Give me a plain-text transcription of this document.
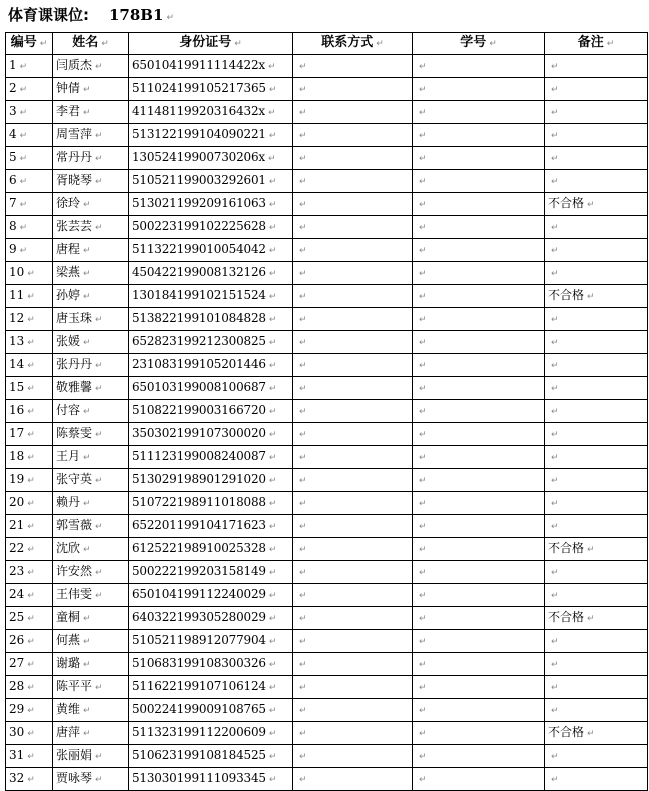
体育课课位: 178B1 ↵
编号 ↵	姓名 ↵	身份证号 ↵	联系方式 ↵	学号 ↵	备注 ↵
1 ↵	闫质杰 ↵	65010419911114422x ↵	↵	↵	↵
2 ↵	钟倩 ↵	511024199105217365 ↵	↵	↵	↵
3 ↵	李君 ↵	41148119920316432x ↵	↵	↵	↵
4 ↵	周雪萍 ↵	513122199104090221 ↵	↵	↵	↵
5 ↵	常丹丹 ↵	13052419900730206x ↵	↵	↵	↵
6 ↵	胥晓琴 ↵	510521199003292601 ↵	↵	↵	↵
7 ↵	徐玲 ↵	513021199209161063 ↵	↵	↵	不合格 ↵
8 ↵	张芸芸 ↵	500223199102225628 ↵	↵	↵	↵
9 ↵	唐程 ↵	511322199010054042 ↵	↵	↵	↵
10 ↵	梁燕 ↵	450422199008132126 ↵	↵	↵	↵
11 ↵	孙婷 ↵	130184199102151524 ↵	↵	↵	不合格 ↵
12 ↵	唐玉珠 ↵	513822199101084828 ↵	↵	↵	↵
13 ↵	张媛 ↵	652823199212300825 ↵	↵	↵	↵
14 ↵	张丹丹 ↵	231083199105201446 ↵	↵	↵	↵
15 ↵	敬雅馨 ↵	650103199008100687 ↵	↵	↵	↵
16 ↵	付容 ↵	510822199003166720 ↵	↵	↵	↵
17 ↵	陈蔡雯 ↵	350302199107300020 ↵	↵	↵	↵
18 ↵	王月 ↵	511123199008240087 ↵	↵	↵	↵
19 ↵	张守英 ↵	513029198901291020 ↵	↵	↵	↵
20 ↵	赖丹 ↵	510722198911018088 ↵	↵	↵	↵
21 ↵	郭雪薇 ↵	652201199104171623 ↵	↵	↵	↵
22 ↵	沈欣 ↵	612522198910025328 ↵	↵	↵	不合格 ↵
23 ↵	许安然 ↵	500222199203158149 ↵	↵	↵	↵
24 ↵	王伟雯 ↵	650104199112240029 ↵	↵	↵	↵
25 ↵	童桐 ↵	640322199305280029 ↵	↵	↵	不合格 ↵
26 ↵	何燕 ↵	510521198912077904 ↵	↵	↵	↵
27 ↵	谢璐 ↵	510683199108300326 ↵	↵	↵	↵
28 ↵	陈平平 ↵	511622199107106124 ↵	↵	↵	↵
29 ↵	黄维 ↵	500224199009108765 ↵	↵	↵	↵
30 ↵	唐萍 ↵	511323199112200609 ↵	↵	↵	不合格 ↵
31 ↵	张丽娟 ↵	510623199108184525 ↵	↵	↵	↵
32 ↵	贾咏琴 ↵	513030199111093345 ↵	↵	↵	↵
